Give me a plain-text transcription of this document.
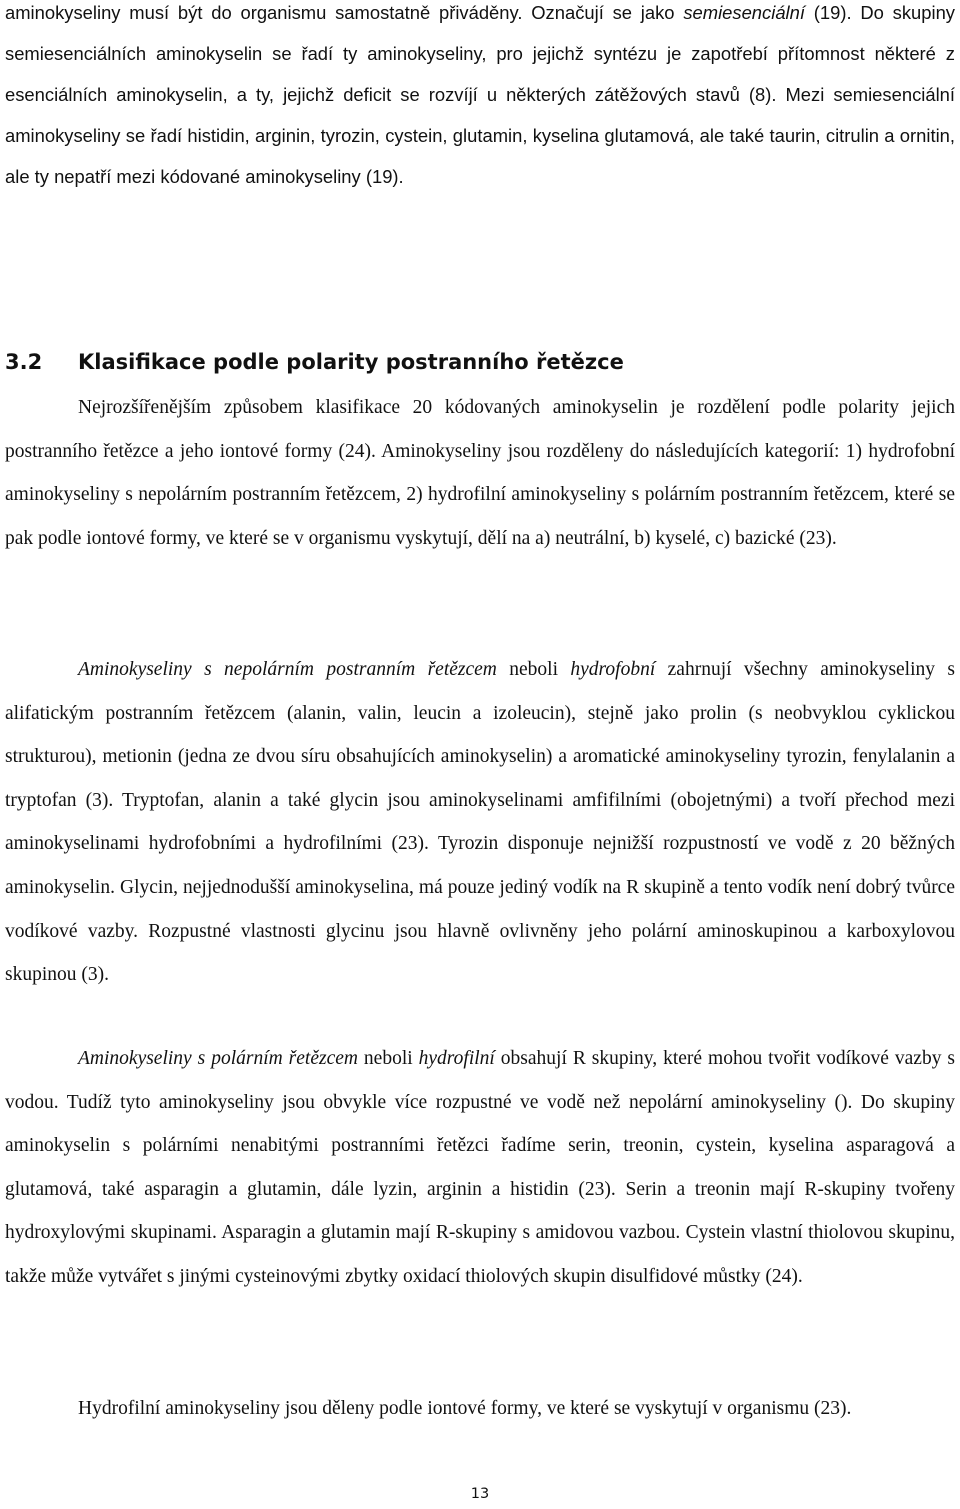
aminokyseliny musí být do organismu samostatně přiváděny. Označují se jako semiesenciální (19). Do skupiny semiesenciálních aminokyselin se řadí ty aminokyseliny, pro jejichž syntézu je zapotřebí přítomnost některé z esenciálních aminokyselin, a ty, jejichž deficit se rozvíjí u některých zátěžových stavů (8). Mezi semiesenciální aminokyseliny se řadí histidin, arginin, tyrozin, cystein, glutamin, kyselina glutamová, ale také taurin, citrulin a ornitin, ale ty nepatří mezi kódované aminokyseliny (19).

3.2 Klasifikace podle polarity postranního řetězce

Nejrozšířenějším způsobem klasifikace 20 kódovaných aminokyselin je rozdělení podle polarity jejich postranního řetězce a jeho iontové formy (24). Aminokyseliny jsou rozděleny do následujících kategorií: 1) hydrofobní aminokyseliny s nepolárním postranním řetězcem, 2) hydrofilní aminokyseliny s polárním postranním řetězcem, které se pak podle iontové formy, ve které se v organismu vyskytují, dělí na a) neutrální, b) kyselé, c) bazické (23).

Aminokyseliny s nepolárním postranním řetězcem neboli hydrofobní zahrnují všechny aminokyseliny s alifatickým postranním řetězcem (alanin, valin, leucin a izoleucin), stejně jako prolin (s neobvyklou cyklickou strukturou), metionin (jedna ze dvou síru obsahujících aminokyselin) a aromatické aminokyseliny tyrozin, fenylalanin a tryptofan (3). Tryptofan, alanin a také glycin jsou aminokyselinami amfifilními (obojetnými) a tvoří přechod mezi aminokyselinami hydrofobními a hydrofilními (23). Tyrozin disponuje nejnižší rozpustností ve vodě z 20 běžných aminokyselin. Glycin, nejjednodušší aminokyselina, má pouze jediný vodík na R skupině a tento vodík není dobrý tvůrce vodíkové vazby. Rozpustné vlastnosti glycinu jsou hlavně ovlivněny jeho polární aminoskupinou a karboxylovou skupinou (3).

Aminokyseliny s polárním řetězcem neboli hydrofilní obsahují R skupiny, které mohou tvořit vodíkové vazby s vodou. Tudíž tyto aminokyseliny jsou obvykle více rozpustné ve vodě než nepolární aminokyseliny (). Do skupiny aminokyselin s polárními nenabitými postranními řetězci řadíme serin, treonin, cystein, kyselina asparagová a glutamová, také asparagin a glutamin, dále lyzin, arginin a histidin (23). Serin a treonin mají R-skupiny tvořeny hydroxylovými skupinami. Asparagin a glutamin mají R-skupiny s amidovou vazbou. Cystein vlastní thiolovou skupinu, takže může vytvářet s jinými cysteinovými zbytky oxidací thiolových skupin disulfidové můstky (24).

Hydrofilní aminokyseliny jsou děleny podle iontové formy, ve které se vyskytují v organismu (23).

13
